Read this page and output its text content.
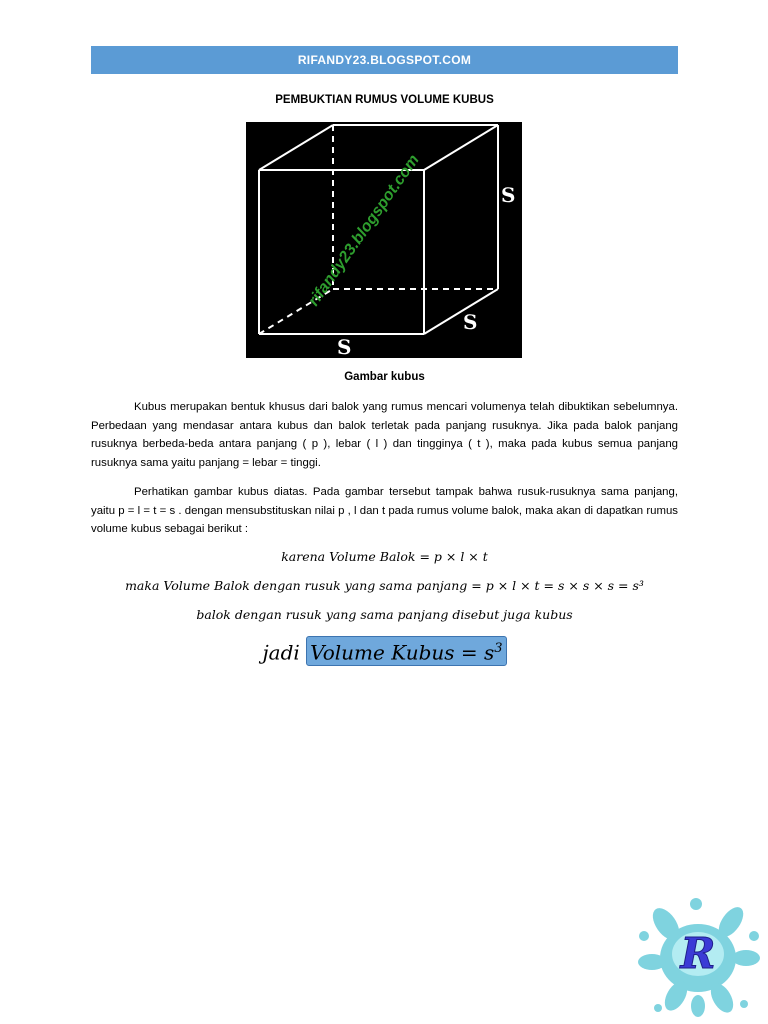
RIFANDY23.BLOGSPOT.COM
PEMBUKTIAN RUMUS VOLUME KUBUS
S
S
S
rifandy23.blogspot.com
Gambar kubus
Kubus merupakan bentuk khusus dari balok yang rumus mencari volumenya telah dibuktikan sebelumnya. Perbedaan yang mendasar antara kubus dan balok terletak pada panjang rusuknya. Jika pada balok panjang rusuknya berbeda-beda antara panjang ( p ), lebar ( l ) dan tingginya ( t ), maka pada kubus semua panjang rusuknya sama yaitu panjang = lebar = tinggi.
Perhatikan gambar kubus diatas. Pada gambar tersebut tampak bahwa rusuk-rusuknya sama panjang, yaitu p = l = t = s . dengan mensubstituskan nilai p , l dan t pada rumus volume balok, maka akan di dapatkan rumus volume kubus sebagai berikut :
karena Volume Balok = p × l × t
maka Volume Balok dengan rusuk yang sama panjang = p × l × t = s × s × s = s³
balok dengan rusuk yang sama panjang disebut juga kubus
jadi Volume Kubus = $s^3$
R
